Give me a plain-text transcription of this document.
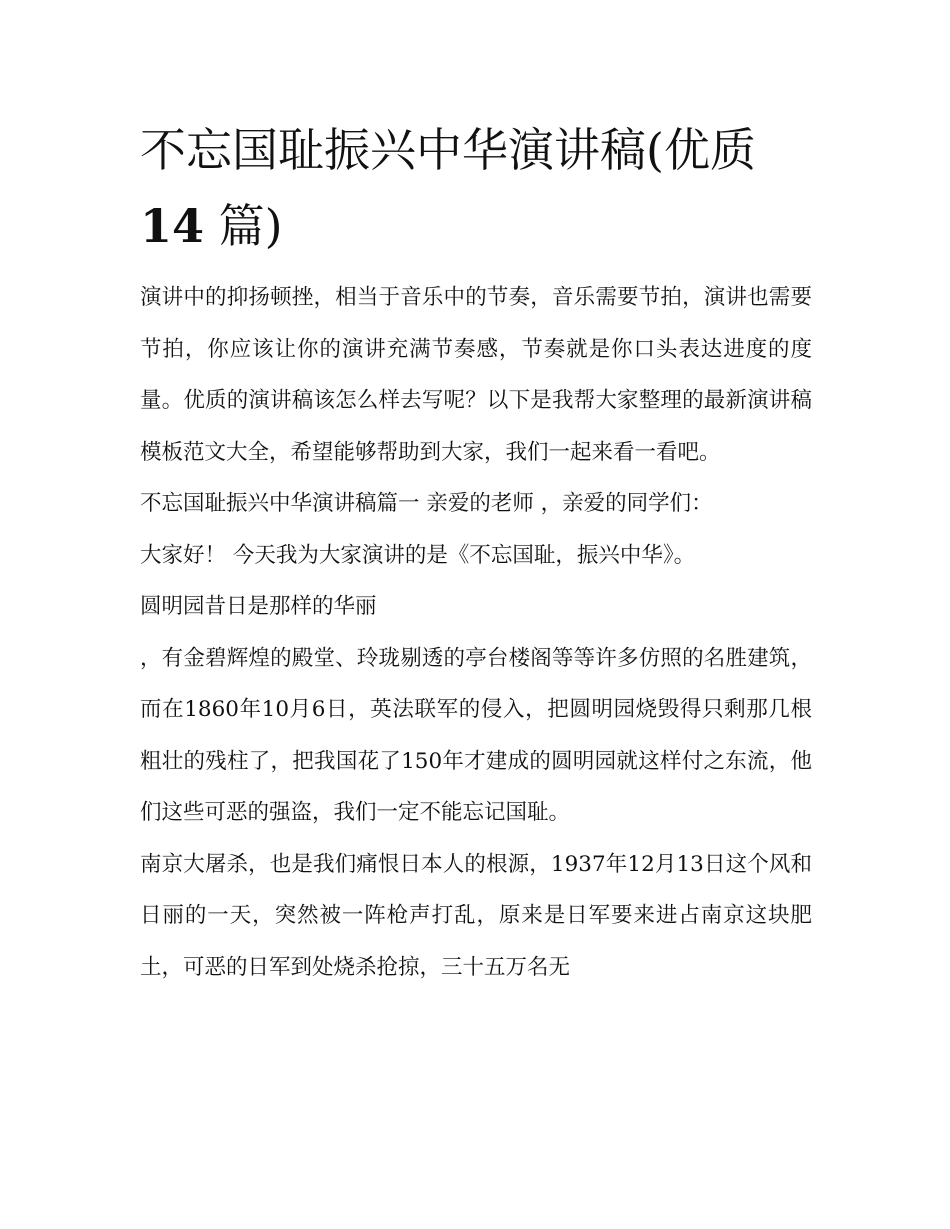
不忘国耻振兴中华演讲稿(优质
14 篇)

演讲中的抑扬顿挫，相当于音乐中的节奏，音乐需要节拍，演讲也需要节拍，你应该让你的演讲充满节奏感，节奏就是你口头表达进度的度量。优质的演讲稿该怎么样去写呢？以下是我帮大家整理的最新演讲稿模板范文大全，希望能够帮助到大家，我们一起来看一看吧。

不忘国耻振兴中华演讲稿篇一 亲爱的老师 ，亲爱的同学们：

大家好！ 今天我为大家演讲的是《不忘国耻，振兴中华》。

圆明园昔日是那样的华丽

，有金碧辉煌的殿堂、玲珑剔透的亭台楼阁等等许多仿照的名胜建筑，而在1860年10月6日，英法联军的侵入，把圆明园烧毁得只剩那几根粗壮的残柱了，把我国花了150年才建成的圆明园就这样付之东流，他们这些可恶的强盗，我们一定不能忘记国耻。

南京大屠杀，也是我们痛恨日本人的根源，1937年12月13日这个风和日丽的一天，突然被一阵枪声打乱，原来是日军要来进占南京这块肥土，可恶的日军到处烧杀抢掠，三十五万名无
